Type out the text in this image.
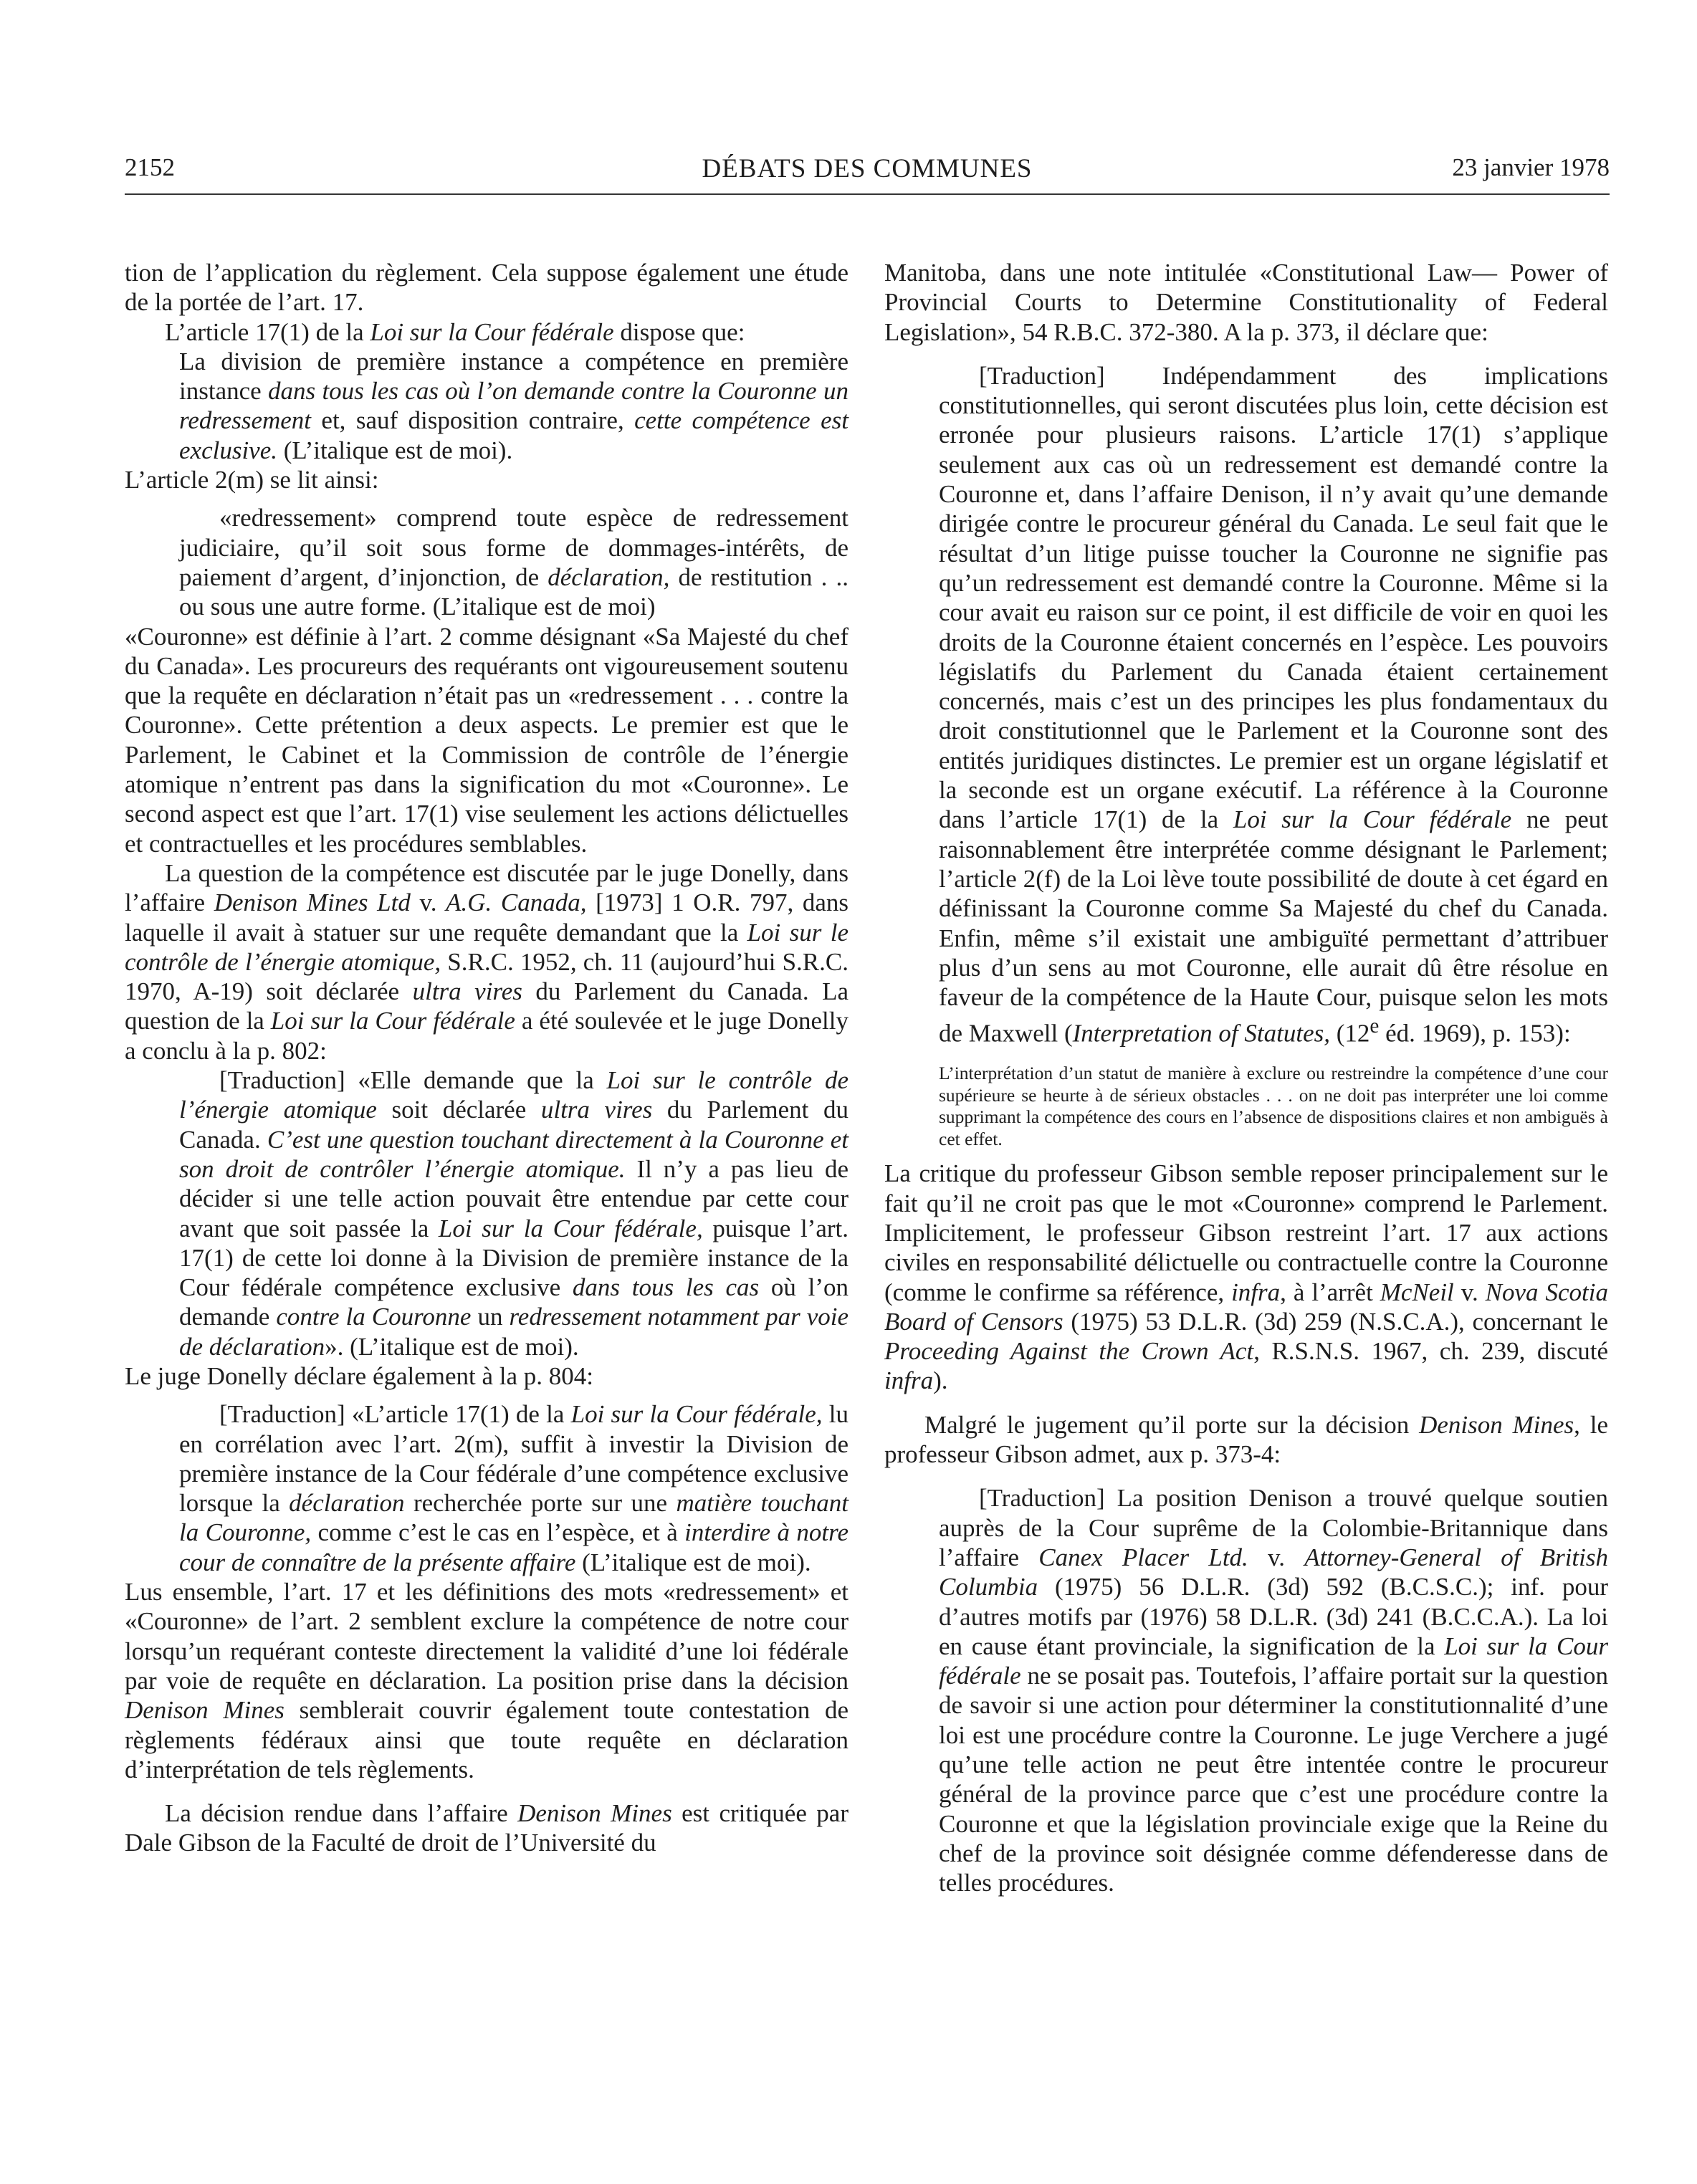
DÉBATS DES COMMUNES
2152	23 janvier 1978

tion de l’application du règlement. Cela suppose également une étude de la portée de l’art. 17.

L’article 17(1) de la Loi sur la Cour fédérale dispose que:

La division de première instance a compétence en première instance dans tous les cas où l’on demande contre la Couronne un redressement et, sauf disposition contraire, cette compétence est exclusive. (L’italique est de moi).

L’article 2(m) se lit ainsi:

«redressement» comprend toute espèce de redressement judiciaire, qu’il soit sous forme de dommages-intérêts, de paiement d’argent, d’injonction, de déclaration, de restitution . .. ou sous une autre forme. (L’italique est de moi)

«Couronne» est définie à l’art. 2 comme désignant «Sa Majesté du chef du Canada». Les procureurs des requérants ont vigoureusement soutenu que la requête en déclaration n’était pas un «redressement . . . contre la Couronne». Cette prétention a deux aspects. Le premier est que le Parlement, le Cabinet et la Commission de contrôle de l’énergie atomique n’entrent pas dans la signification du mot «Couronne». Le second aspect est que l’art. 17(1) vise seulement les actions délictuelles et contractuelles et les procédures semblables.

La question de la compétence est discutée par le juge Donelly, dans l’affaire Denison Mines Ltd v. A.G. Canada, [1973] 1 O.R. 797, dans laquelle il avait à statuer sur une requête demandant que la Loi sur le contrôle de l’énergie atomique, S.R.C. 1952, ch. 11 (aujourd’hui S.R.C. 1970, A-19) soit déclarée ultra vires du Parlement du Canada. La question de la Loi sur la Cour fédérale a été soulevée et le juge Donelly a conclu à la p. 802:

[Traduction] «Elle demande que la Loi sur le contrôle de l’énergie atomique soit déclarée ultra vires du Parlement du Canada. C’est une question touchant directement à la Couronne et son droit de contrôler l’énergie atomique. Il n’y a pas lieu de décider si une telle action pouvait être entendue par cette cour avant que soit passée la Loi sur la Cour fédérale, puisque l’art. 17(1) de cette loi donne à la Division de première instance de la Cour fédérale compétence exclusive dans tous les cas où l’on demande contre la Couronne un redressement notamment par voie de déclaration». (L’italique est de moi).

Le juge Donelly déclare également à la p. 804:

[Traduction] «L’article 17(1) de la Loi sur la Cour fédérale, lu en corrélation avec l’art. 2(m), suffit à investir la Division de première instance de la Cour fédérale d’une compétence exclusive lorsque la déclaration recherchée porte sur une matière touchant la Couronne, comme c’est le cas en l’espèce, et à interdire à notre cour de connaître de la présente affaire (L’italique est de moi).

Lus ensemble, l’art. 17 et les définitions des mots «redressement» et «Couronne» de l’art. 2 semblent exclure la compétence de notre cour lorsqu’un requérant conteste directement la validité d’une loi fédérale par voie de requête en déclaration. La position prise dans la décision Denison Mines semblerait couvrir également toute contestation de règlements fédéraux ainsi que toute requête en déclaration d’interprétation de tels règlements.

La décision rendue dans l’affaire Denison Mines est critiquée par Dale Gibson de la Faculté de droit de l’Université du

Manitoba, dans une note intitulée «Constitutional Law— Power of Provincial Courts to Determine Constitutionality of Federal Legislation», 54 R.B.C. 372-380. A la p. 373, il déclare que:

[Traduction] Indépendamment des implications constitutionnelles, qui seront discutées plus loin, cette décision est erronée pour plusieurs raisons. L’article 17(1) s’applique seulement aux cas où un redressement est demandé contre la Couronne et, dans l’affaire Denison, il n’y avait qu’une demande dirigée contre le procureur général du Canada. Le seul fait que le résultat d’un litige puisse toucher la Couronne ne signifie pas qu’un redressement est demandé contre la Couronne. Même si la cour avait eu raison sur ce point, il est difficile de voir en quoi les droits de la Couronne étaient concernés en l’espèce. Les pouvoirs législatifs du Parlement du Canada étaient certainement concernés, mais c’est un des principes les plus fondamentaux du droit constitutionnel que le Parlement et la Couronne sont des entités juridiques distinctes. Le premier est un organe législatif et la seconde est un organe exécutif. La référence à la Couronne dans l’article 17(1) de la Loi sur la Cour fédérale ne peut raisonnablement être interprétée comme désignant le Parlement; l’article 2(f) de la Loi lève toute possibilité de doute à cet égard en définissant la Couronne comme Sa Majesté du chef du Canada. Enfin, même s’il existait une ambiguïté permettant d’attribuer plus d’un sens au mot Couronne, elle aurait dû être résolue en faveur de la compétence de la Haute Cour, puisque selon les mots de Maxwell (Interpretation of Statutes, (12e éd. 1969), p. 153):

L’interprétation d’un statut de manière à exclure ou restreindre la compétence d’une cour supérieure se heurte à de sérieux obstacles . . . on ne doit pas interpréter une loi comme supprimant la compétence des cours en l’absence de dispositions claires et non ambiguës à cet effet.

La critique du professeur Gibson semble reposer principalement sur le fait qu’il ne croit pas que le mot «Couronne» comprend le Parlement. Implicitement, le professeur Gibson restreint l’art. 17 aux actions civiles en responsabilité délictuelle ou contractuelle contre la Couronne (comme le confirme sa référence, infra, à l’arrêt McNeil v. Nova Scotia Board of Censors (1975) 53 D.L.R. (3d) 259 (N.S.C.A.), concernant le Proceeding Against the Crown Act, R.S.N.S. 1967, ch. 239, discuté infra).

Malgré le jugement qu’il porte sur la décision Denison Mines, le professeur Gibson admet, aux p. 373-4:

[Traduction] La position Denison a trouvé quelque soutien auprès de la Cour suprême de la Colombie-Britannique dans l’affaire Canex Placer Ltd. v. Attorney-General of British Columbia (1975) 56 D.L.R. (3d) 592 (B.C.S.C.); inf. pour d’autres motifs par (1976) 58 D.L.R. (3d) 241 (B.C.C.A.). La loi en cause étant provinciale, la signification de la Loi sur la Cour fédérale ne se posait pas. Toutefois, l’affaire portait sur la question de savoir si une action pour déterminer la constitutionnalité d’une loi est une procédure contre la Couronne. Le juge Verchere a jugé qu’une telle action ne peut être intentée contre le procureur général de la province parce que c’est une procédure contre la Couronne et que la législation provinciale exige que la Reine du chef de la province soit désignée comme défenderesse dans de telles procédures.
